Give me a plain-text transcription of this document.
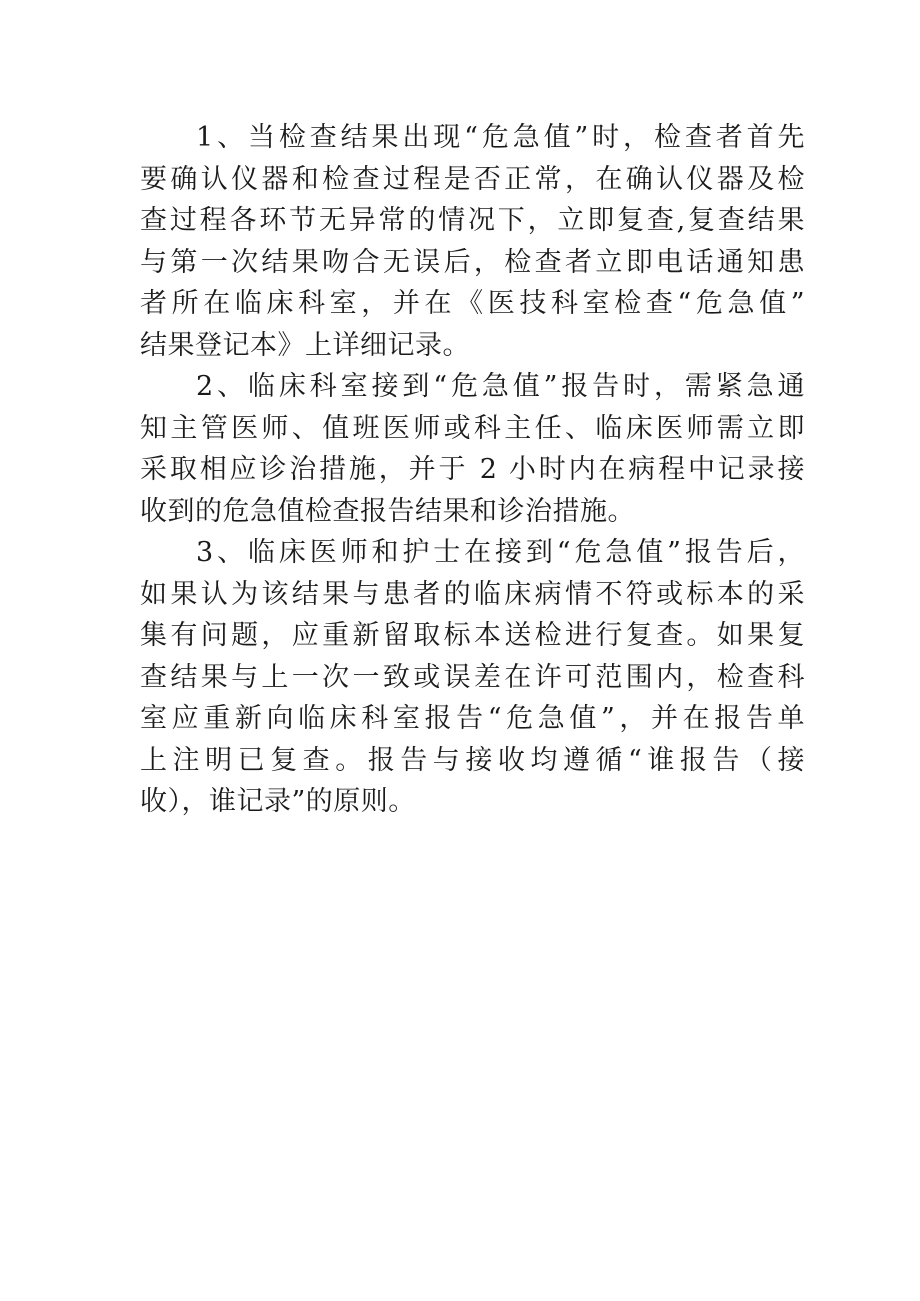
1、当检查结果出现“危急值”时，检查者首先
要确认仪器和检查过程是否正常，在确认仪器及检
查过程各环节无异常的情况下，立即复查,复查结果
与第一次结果吻合无误后，检查者立即电话通知患
者所在临床科室，并在《医技科室检查“危急值”
结果登记本》上详细记录。
2、临床科室接到“危急值”报告时，需紧急通
知主管医师、值班医师或科主任、临床医师需立即
采取相应诊治措施，并于 2 小时内在病程中记录接
收到的危急值检查报告结果和诊治措施。
3、临床医师和护士在接到“危急值”报告后，
如果认为该结果与患者的临床病情不符或标本的采
集有问题，应重新留取标本送检进行复查。如果复
查结果与上一次一致或误差在许可范围内，检查科
室应重新向临床科室报告“危急值”，并在报告单
上注明已复查。报告与接收均遵循“谁报告（接
收），谁记录”的原则。
